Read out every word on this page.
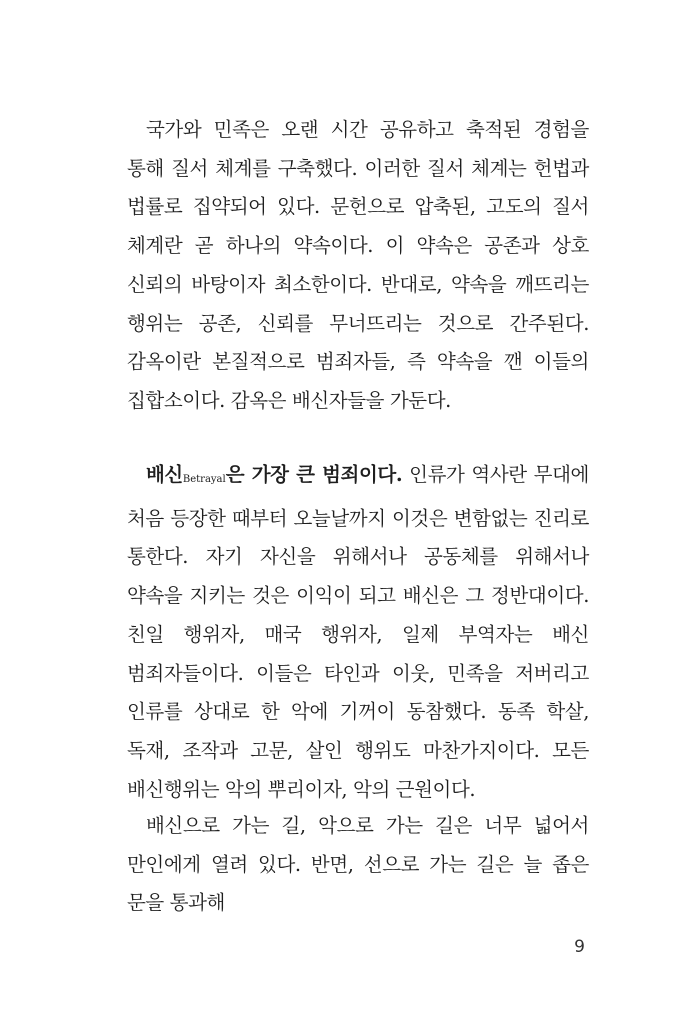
국가와 민족은 오랜 시간 공유하고 축적된 경험을 통해 질서 체계를 구축했다. 이러한 질서 체계는 헌법과 법률로 집약되어 있다. 문헌으로 압축된, 고도의 질서 체계란 곧 하나의 약속이다. 이 약속은 공존과 상호 신뢰의 바탕이자 최소한이다. 반대로, 약속을 깨뜨리는 행위는 공존, 신뢰를 무너뜨리는 것으로 간주된다. 감옥이란 본질적으로 범죄자들, 즉 약속을 깬 이들의 집합소이다. 감옥은 배신자들을 가둔다.

배신Betrayal은 가장 큰 범죄이다. 인류가 역사란 무대에 처음 등장한 때부터 오늘날까지 이것은 변함없는 진리로 통한다. 자기 자신을 위해서나 공동체를 위해서나 약속을 지키는 것은 이익이 되고 배신은 그 정반대이다. 친일 행위자, 매국 행위자, 일제 부역자는 배신 범죄자들이다. 이들은 타인과 이웃, 민족을 저버리고 인류를 상대로 한 악에 기꺼이 동참했다. 동족 학살, 독재, 조작과 고문, 살인 행위도 마찬가지이다. 모든 배신행위는 악의 뿌리이자, 악의 근원이다.

배신으로 가는 길, 악으로 가는 길은 너무 넓어서 만인에게 열려 있다. 반면, 선으로 가는 길은 늘 좁은 문을 통과해

9
